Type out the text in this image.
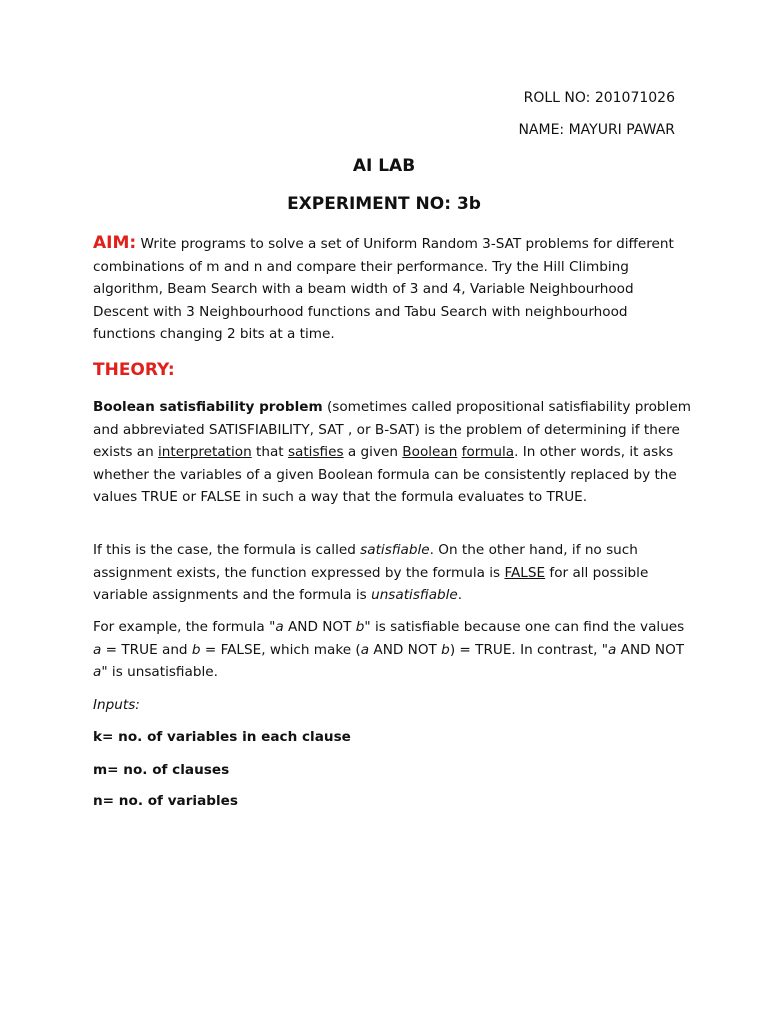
ROLL NO: 201071026
NAME: MAYURI PAWAR
AI LAB
EXPERIMENT NO: 3b
AIM: Write programs to solve a set of Uniform Random 3-SAT problems for different combinations of m and n and compare their performance. Try the Hill Climbing algorithm, Beam Search with a beam width of 3 and 4, Variable Neighbourhood Descent with 3 Neighbourhood functions and Tabu Search with neighbourhood functions changing 2 bits at a time.
THEORY:
Boolean satisfiability problem (sometimes called propositional satisfiability problem and abbreviated SATISFIABILITY, SAT , or B-SAT) is the problem of determining if there exists an interpretation that satisfies a given Boolean formula. In other words, it asks whether the variables of a given Boolean formula can be consistently replaced by the values TRUE or FALSE in such a way that the formula evaluates to TRUE.
If this is the case, the formula is called satisfiable. On the other hand, if no such assignment exists, the function expressed by the formula is FALSE for all possible variable assignments and the formula is unsatisfiable.
For example, the formula "a AND NOT b" is satisfiable because one can find the values a = TRUE and b = FALSE, which make (a AND NOT b) = TRUE. In contrast, "a AND NOT a" is unsatisfiable.
Inputs:
k= no. of variables in each clause
m= no. of clauses
n= no. of variables
